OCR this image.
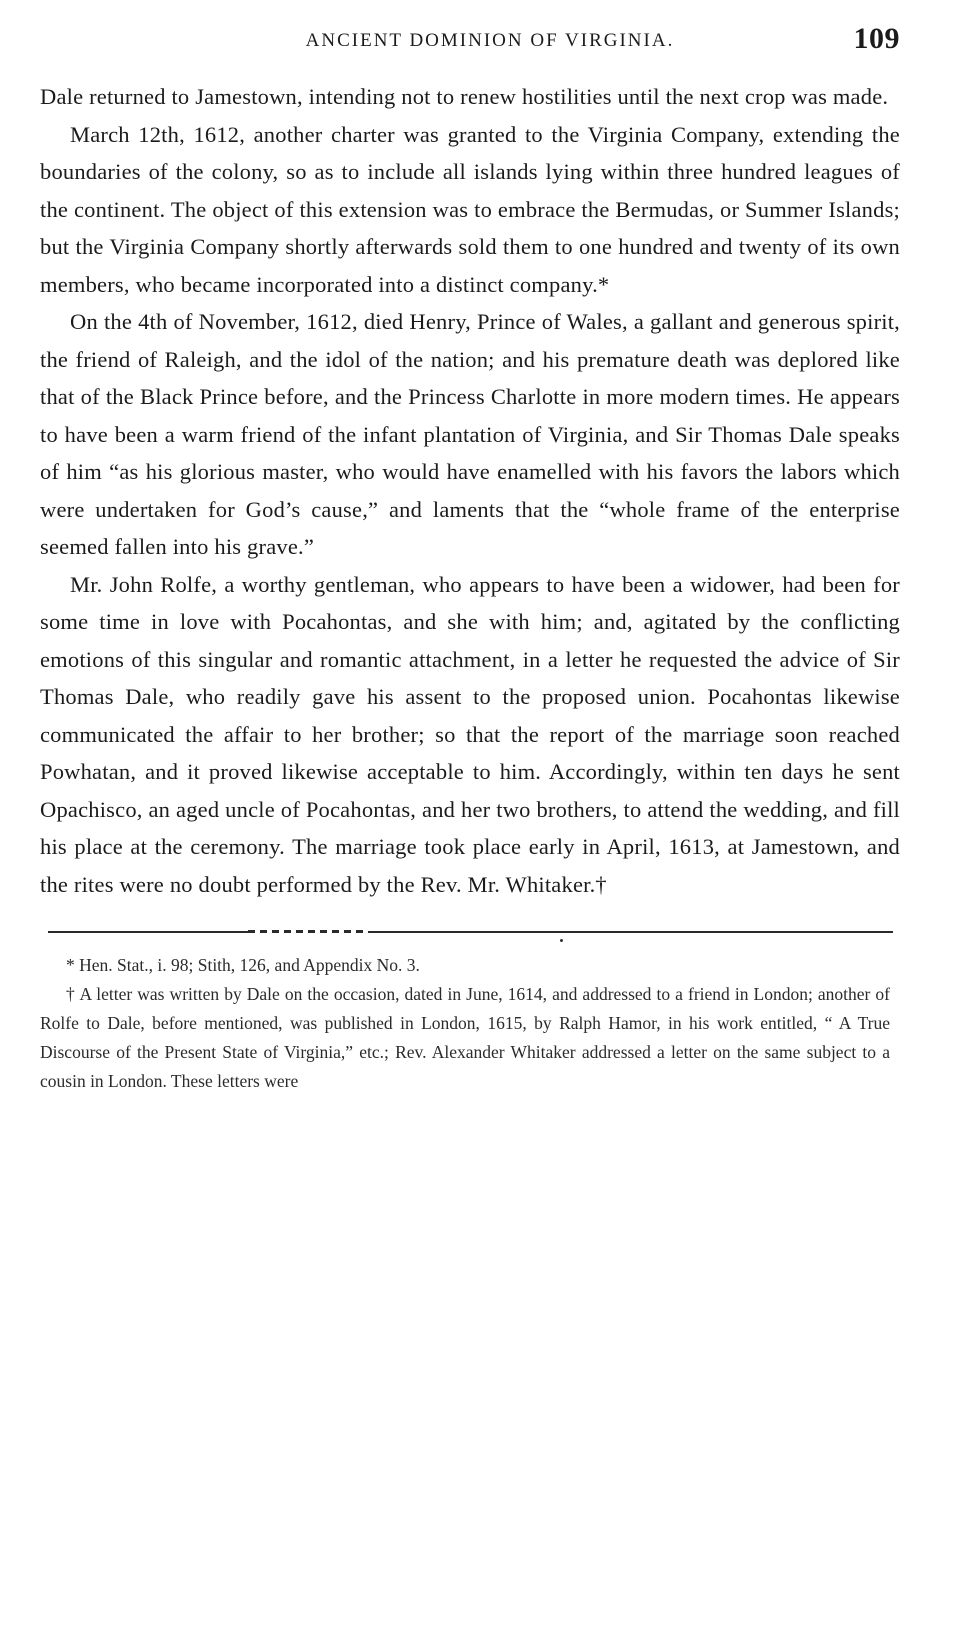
ANCIENT DOMINION OF VIRGINIA.	109

Dale returned to Jamestown, intending not to renew hostilities until the next crop was made.

March 12th, 1612, another charter was granted to the Virginia Company, extending the boundaries of the colony, so as to include all islands lying within three hundred leagues of the continent. The object of this extension was to embrace the Bermudas, or Summer Islands; but the Virginia Company shortly afterwards sold them to one hundred and twenty of its own members, who became incorporated into a distinct company.*

On the 4th of November, 1612, died Henry, Prince of Wales, a gallant and generous spirit, the friend of Raleigh, and the idol of the nation; and his premature death was deplored like that of the Black Prince before, and the Princess Charlotte in more modern times. He appears to have been a warm friend of the infant plantation of Virginia, and Sir Thomas Dale speaks of him “as his glorious master, who would have enamelled with his favors the labors which were undertaken for God’s cause,” and laments that the “whole frame of the enterprise seemed fallen into his grave.”

Mr. John Rolfe, a worthy gentleman, who appears to have been a widower, had been for some time in love with Pocahontas, and she with him; and, agitated by the conflicting emotions of this singular and romantic attachment, in a letter he requested the advice of Sir Thomas Dale, who readily gave his assent to the proposed union. Pocahontas likewise communicated the affair to her brother; so that the report of the marriage soon reached Powhatan, and it proved likewise acceptable to him. Accordingly, within ten days he sent Opachisco, an aged uncle of Pocahontas, and her two brothers, to attend the wedding, and fill his place at the ceremony. The marriage took place early in April, 1613, at Jamestown, and the rites were no doubt performed by the Rev. Mr. Whitaker.†

* Hen. Stat., i. 98; Stith, 126, and Appendix No. 3.

† A letter was written by Dale on the occasion, dated in June, 1614, and addressed to a friend in London; another of Rolfe to Dale, before mentioned, was published in London, 1615, by Ralph Hamor, in his work entitled, “ A True Discourse of the Present State of Virginia,” etc.; Rev. Alexander Whitaker addressed a letter on the same subject to a cousin in London. These letters were
